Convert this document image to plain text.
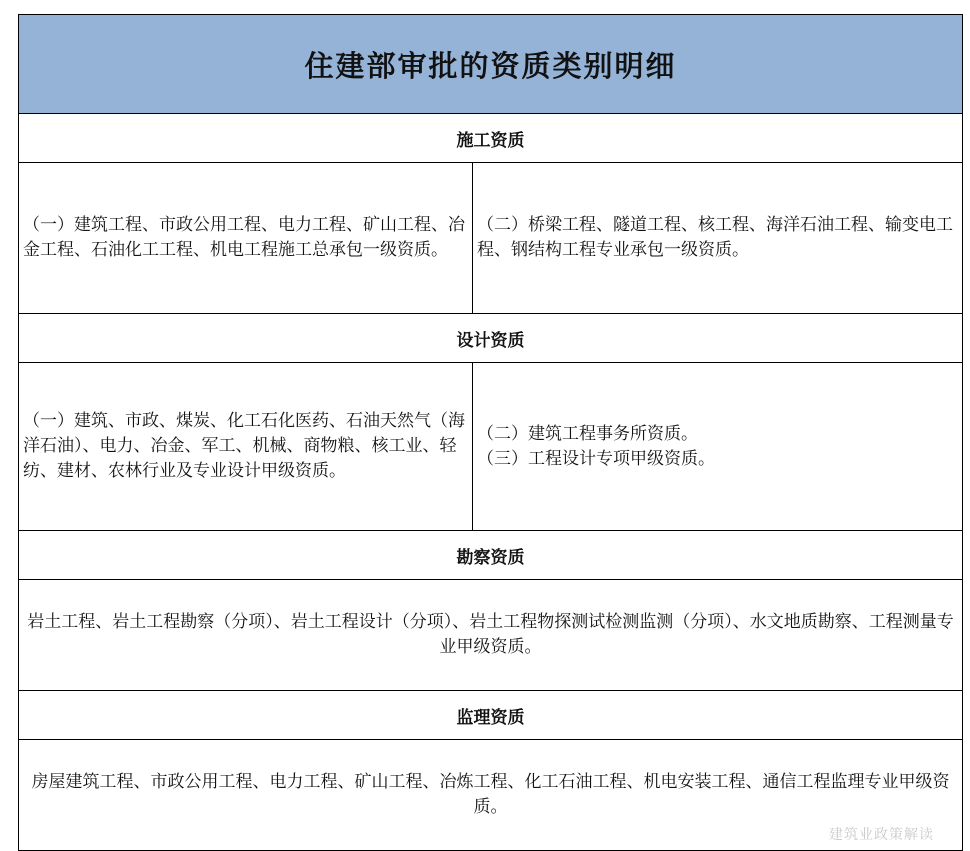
住建部审批的资质类别明细	
施工资质	
（一）建筑工程、市政公用工程、电力工程、矿山工程、冶金工程、石油化工工程、机电工程施工总承包一级资质。	（二）桥梁工程、隧道工程、核工程、海洋石油工程、输变电工程、钢结构工程专业承包一级资质。
设计资质	
（一）建筑、市政、煤炭、化工石化医药、石油天然气（海洋石油）、电力、冶金、军工、机械、商物粮、核工业、轻纺、建材、农林行业及专业设计甲级资质。	（二）建筑工程事务所资质。
（三）工程设计专项甲级资质。

勘察资质	
岩土工程、岩土工程勘察（分项）、岩土工程设计（分项）、岩土工程物探测试检测监测（分项）、水文地质勘察、工程测量专业甲级资质。	
监理资质	
房屋建筑工程、市政公用工程、电力工程、矿山工程、冶炼工程、化工石油工程、机电安装工程、通信工程监理专业甲级资质。	
建筑业政策解读
